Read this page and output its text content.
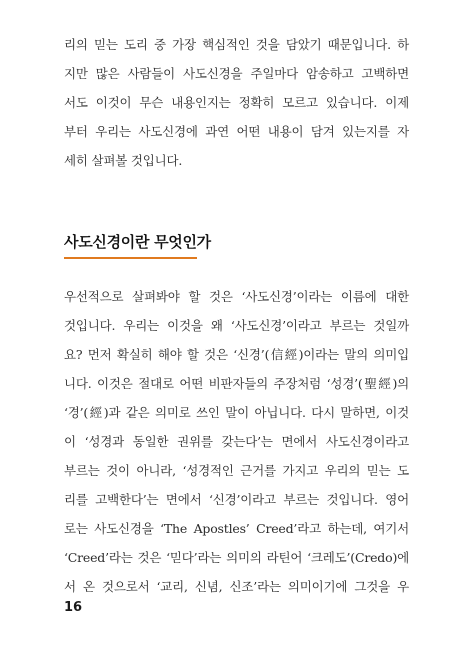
리의 믿는 도리 중 가장 핵심적인 것을 담았기 때문입니다. 하
지만 많은 사람들이 사도신경을 주일마다 암송하고 고백하면
서도 이것이 무슨 내용인지는 정확히 모르고 있습니다. 이제
부터 우리는 사도신경에 과연 어떤 내용이 담겨 있는지를 자
세히 살펴볼 것입니다.
사도신경이란 무엇인가
우선적으로 살펴봐야 할 것은 ‘사도신경’이라는 이름에 대한
것입니다. 우리는 이것을 왜 ‘사도신경’이라고 부르는 것일까
요? 먼저 확실히 해야 할 것은 ‘신경’(信經)이라는 말의 의미입
니다. 이것은 절대로 어떤 비판자들의 주장처럼 ‘성경’(聖經)의
‘경’(經)과 같은 의미로 쓰인 말이 아닙니다. 다시 말하면, 이것
이 ‘성경과 동일한 권위를 갖는다’는 면에서 사도신경이라고
부르는 것이 아니라, ‘성경적인 근거를 가지고 우리의 믿는 도
리를 고백한다’는 면에서 ‘신경’이라고 부르는 것입니다. 영어
로는 사도신경을 ‘The Apostles’ Creed’라고 하는데, 여기서
‘Creed’라는 것은 ‘믿다’라는 의미의 라틴어 ‘크레도’(Credo)에
서 온 것으로서 ‘교리, 신념, 신조’라는 의미이기에 그것을 우
16
